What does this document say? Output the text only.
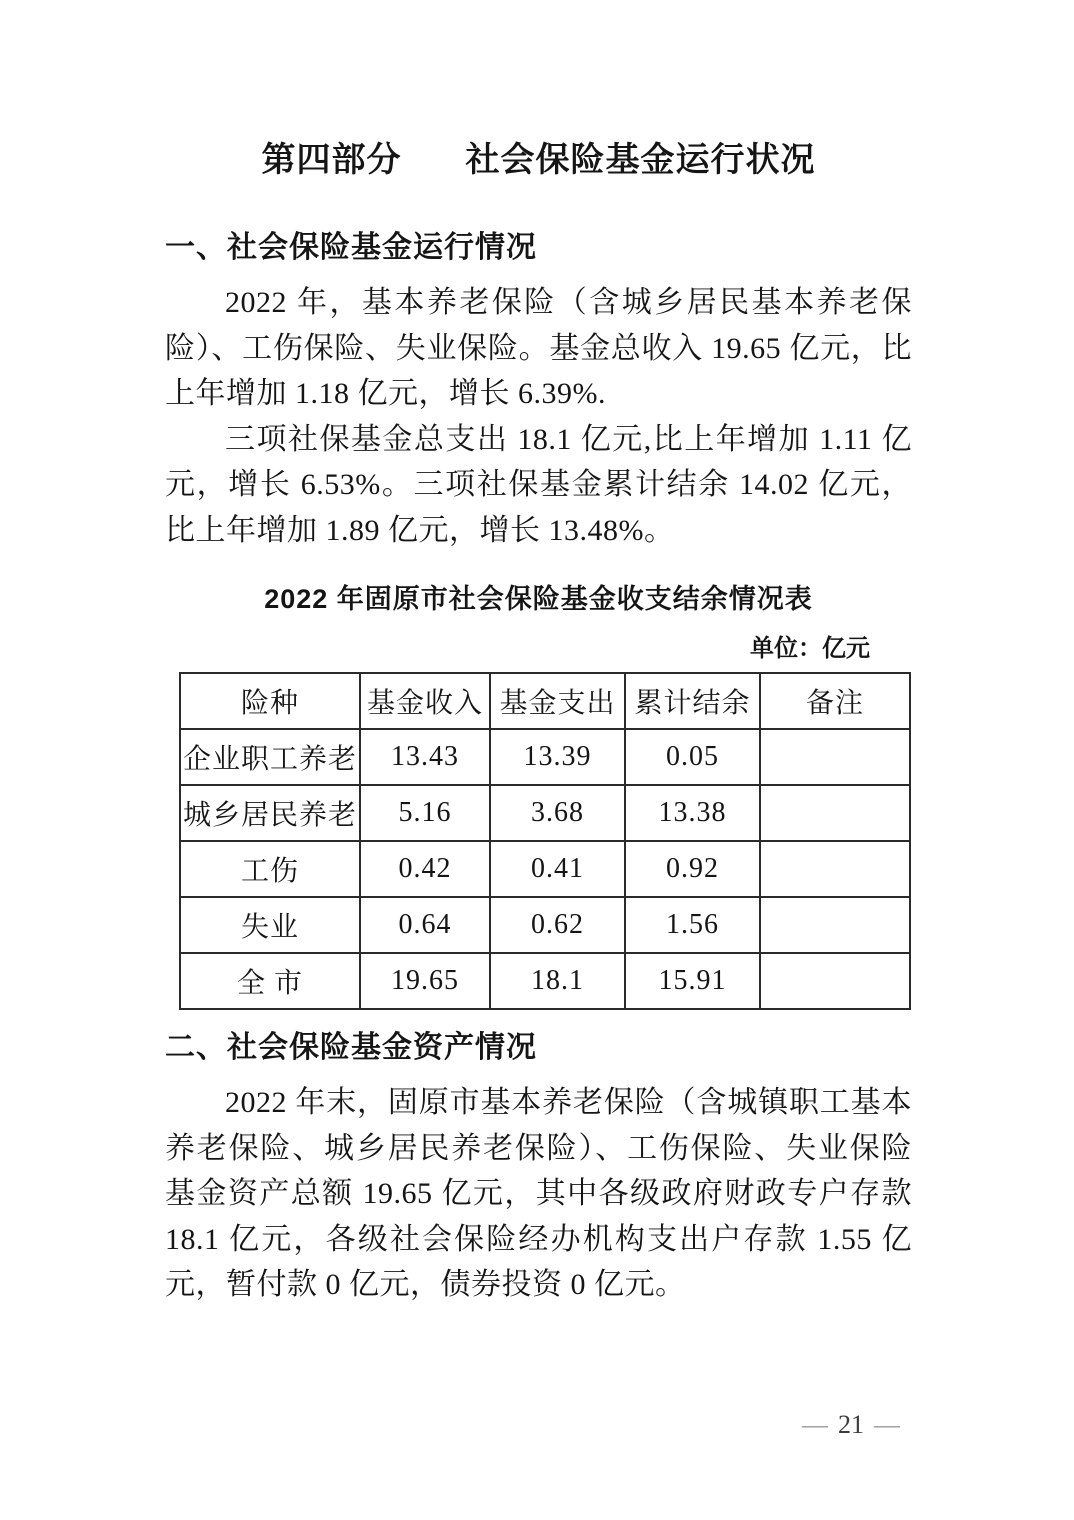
第四部分 社会保险基金运行状况
一、社会保险基金运行情况

2022 年，基本养老保险（含城乡居民基本养老保险）、工伤保险、失业保险。基金总收入 19.65 亿元，比上年增加 1.18 亿元，增长 6.39%.

三项社保基金总支出 18.1 亿元,比上年增加 1.11 亿元，增长 6.53%。三项社保基金累计结余 14.02 亿元，比上年增加 1.89 亿元，增长 13.48%。

2022 年固原市社会保险基金收支结余情况表
单位：亿元
险种	基金收入	基金支出	累计结余	备注
企业职工养老	13.43	13.39	0.05	
城乡居民养老	5.16	3.68	13.38	
工伤	0.42	0.41	0.92	
失业	0.64	0.62	1.56	
全 市	19.65	18.1	15.91	
二、社会保险基金资产情况

2022 年末，固原市基本养老保险（含城镇职工基本养老保险、城乡居民养老保险）、工伤保险、失业保险基金资产总额 19.65 亿元，其中各级政府财政专户存款 18.1 亿元，各级社会保险经办机构支出户存款 1.55 亿元，暂付款 0 亿元，债券投资 0 亿元。

— 21 —
